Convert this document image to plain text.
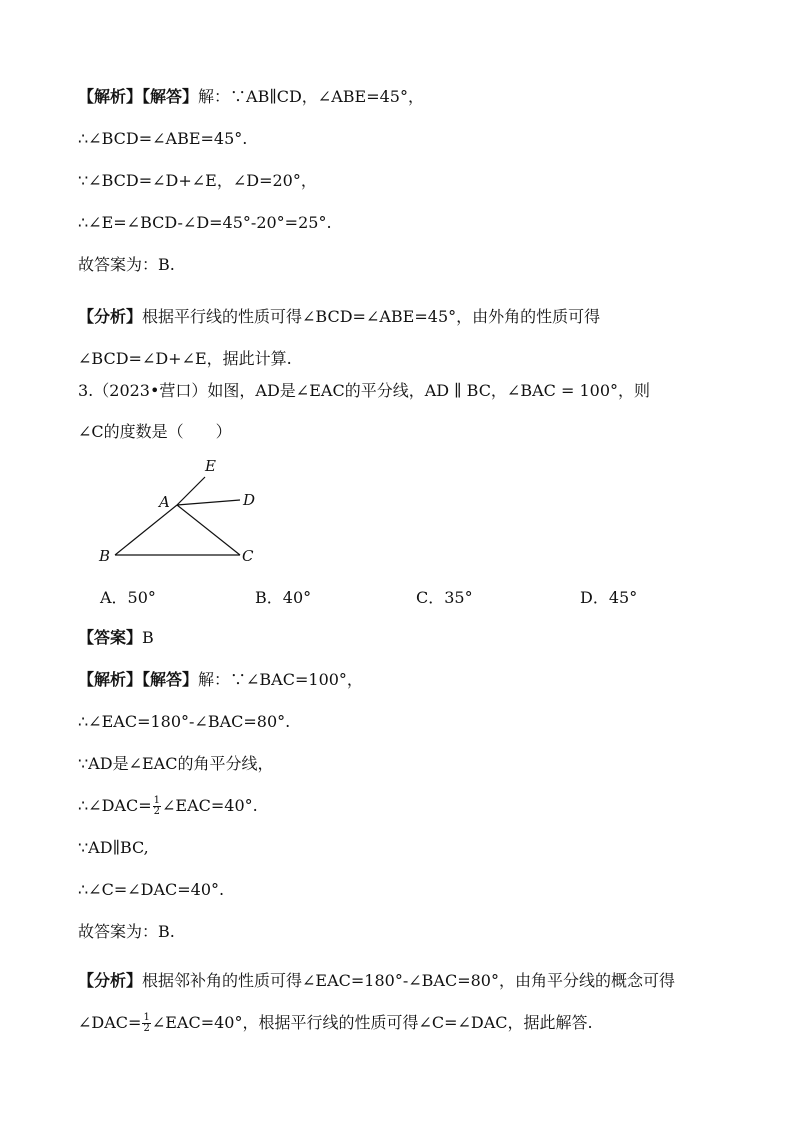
【解析】【解答】解：∵AB∥CD，∠ABE=45°，
∴∠BCD=∠ABE=45°.
∵∠BCD=∠D+∠E，∠D=20°，
∴∠E=∠BCD-∠D=45°-20°=25°.
故答案为：B.
【分析】根据平行线的性质可得∠BCD=∠ABE=45°，由外角的性质可得∠BCD=∠D+∠E，据此计算.
3.（2023•营口）如图，AD是∠EAC的平分线，AD ∥ BC，∠BAC = 100°，则
∠C的度数是（　　）
E
A	D
B	C
A．50°	B．40°	C．35°	D．45°
【答案】B
【解析】【解答】解：∵∠BAC=100°，
∴∠EAC=180°-∠BAC=80°.
∵AD是∠EAC的角平分线，
∴∠DAC= $\frac{1}{2}$ ∠EAC=40°.
∵AD∥BC,
∴∠C=∠DAC=40°.
故答案为：B.
【分析】根据邻补角的性质可得∠EAC=180°-∠BAC=80°，由角平分线的概念可得∠DAC= $\frac{1}{2}$ ∠EAC=40°，根据平行线的性质可得∠C=∠DAC，据此解答.
